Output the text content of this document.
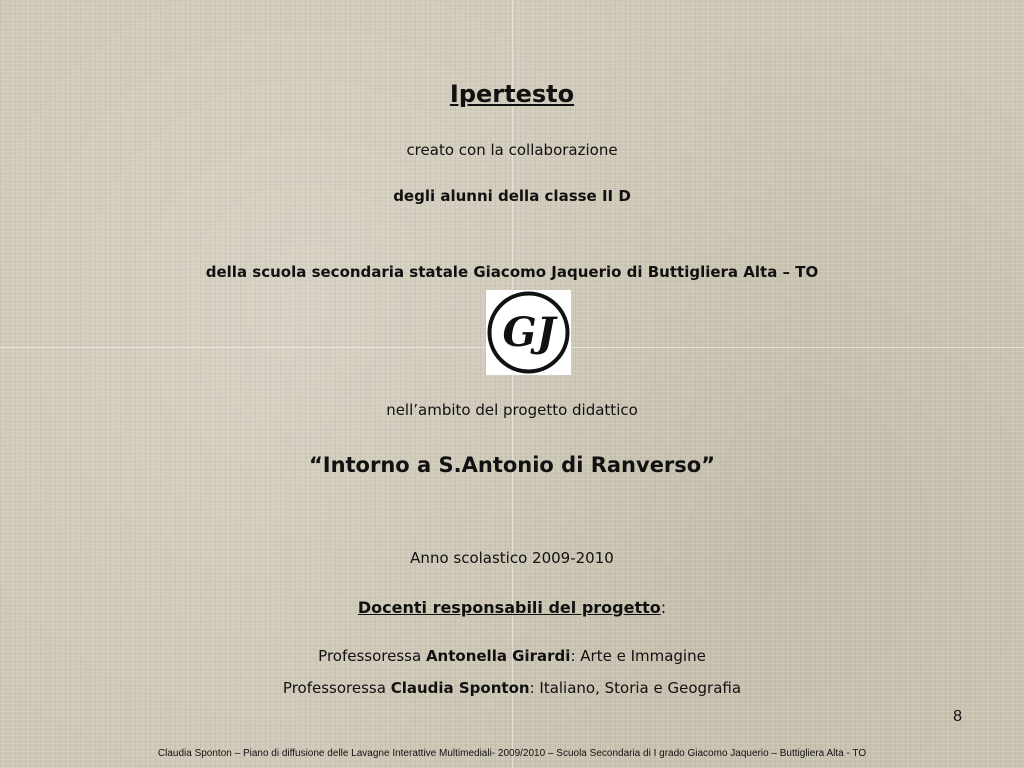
Ipertesto
creato con la collaborazione
degli alunni della classe II D
della scuola secondaria statale Giacomo Jaquerio di Buttigliera Alta – TO
GJ
nell’ambito del progetto didattico
“Intorno a S.Antonio di Ranverso”
Anno scolastico 2009-2010
Docenti responsabili del progetto:
Professoressa Antonella Girardi: Arte e Immagine
Professoressa Claudia Sponton: Italiano, Storia e Geografia
8
Claudia Sponton – Piano di diffusione delle Lavagne Interattive Multimediali- 2009/2010 – Scuola Secondaria di I grado Giacomo Jaquerio – Buttigliera Alta - TO
